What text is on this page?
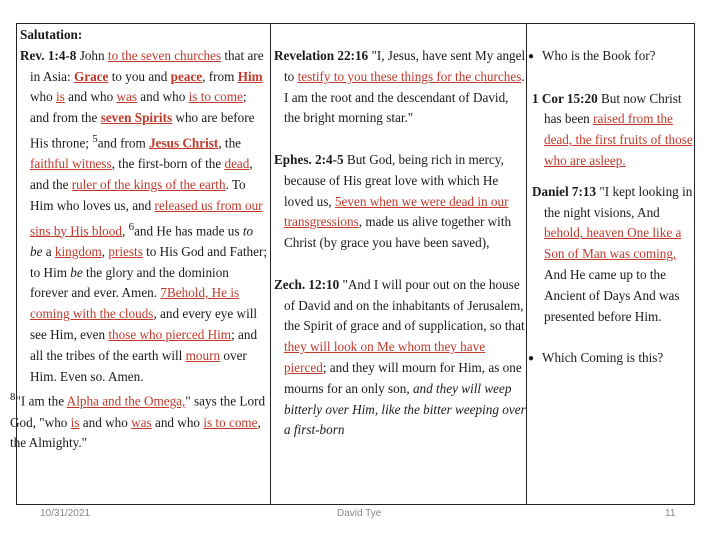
Salutation:

Rev. 1:4-8 John to the seven churches that are in Asia: Grace to you and peace, from Him who is and who was and who is to come; and from the seven Spirits who are before His throne; $^5$and from Jesus Christ, the faithful witness, the first-born of the dead, and the ruler of the kings of the earth. To Him who loves us, and released us from our sins by His blood, $^6$and He has made us to be a kingdom, priests to His God and Father; to Him be the glory and the dominion forever and ever. Amen. 7Behold, He is coming with the clouds, and every eye will see Him, even those who pierced Him; and all the tribes of the earth will mourn over Him. Even so. Amen.

$^8$"I am the Alpha and the Omega," says the Lord God, "who is and who was and who is to come, the Almighty."

Revelation 22:16 "I, Jesus, have sent My angel to testify to you these things for the churches. I am the root and the descendant of David, the bright morning star."

Ephes. 2:4-5 But God, being rich in mercy, because of His great love with which He loved us, 5even when we were dead in our transgressions, made us alive together with Christ (by grace you have been saved),

Zech. 12:10 "And I will pour out on the house of David and on the inhabitants of Jerusalem, the Spirit of grace and of supplication, so that they will look on Me whom they have pierced; and they will mourn for Him, as one mourns for an only son, and they will weep bitterly over Him, like the bitter weeping over a first-born

● Who is the Book for?

1 Cor 15:20 But now Christ has been raised from the dead, the first fruits of those who are asleep.

Daniel 7:13 "I kept looking in the night visions, And behold, heaven One like a Son of Man was coming, And He came up to the Ancient of Days And was presented before Him.

● Which Coming is this?
10/31/2021	David Tye	11
